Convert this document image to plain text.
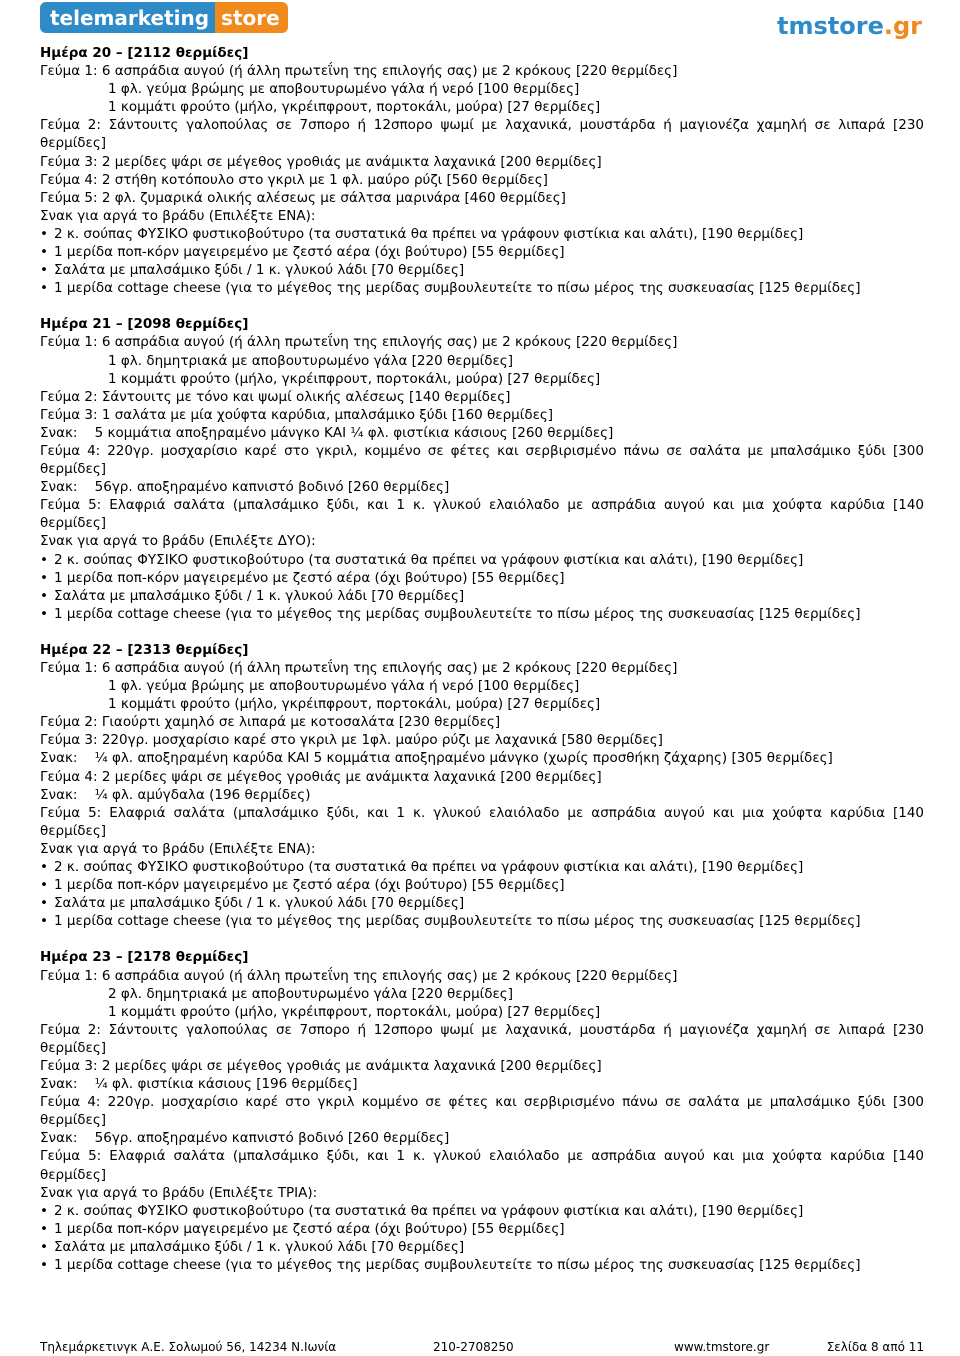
telemarketing store	tmstore.gr
Ημέρα 20 – [2112 θερμίδες]
Γεύμα 1: 6 ασπράδια αυγού (ή άλλη πρωτεΐνη της επιλογής σας) με 2 κρόκους [220 θερμίδες]
1 φλ. γεύμα βρώμης με αποβουτυρωμένο γάλα ή νερό [100 θερμίδες]
1 κομμάτι φρούτο (μήλο, γκρέιπφρουτ, πορτοκάλι, μούρα) [27 θερμίδες]
Γεύμα 2: Σάντουιτς γαλοπούλας σε 7σπορο ή 12σπορο ψωμί με λαχανικά, μουστάρδα ή μαγιονέζα χαμηλή σε λιπαρά [230 θερμίδες]
Γεύμα 3: 2 μερίδες ψάρι σε μέγεθος γροθιάς με ανάμικτα λαχανικά [200 θερμίδες]
Γεύμα 4: 2 στήθη κοτόπουλο στο γκριλ με 1 φλ. μαύρο ρύζι [560 θερμίδες]
Γεύμα 5: 2 φλ. ζυμαρικά ολικής αλέσεως με σάλτσα μαρινάρα [460 θερμίδες]
Σνακ για αργά το βράδυ (Επιλέξτε ΕΝΑ):
• 2 κ. σούπας ΦΥΣΙΚΟ φυστικοβούτυρο (τα συστατικά θα πρέπει να γράφουν φιστίκια και αλάτι), [190 θερμίδες]
• 1 μερίδα ποπ-κόρν μαγειρεμένο με ζεστό αέρα (όχι βούτυρο) [55 θερμίδες]
• Σαλάτα με μπαλσάμικο ξύδι / 1 κ. γλυκού λάδι [70 θερμίδες]
• 1 μερίδα cottage cheese (για το μέγεθος της μερίδας συμβουλευτείτε το πίσω μέρος της συσκευασίας [125 θερμίδες]
Ημέρα 21 – [2098 θερμίδες]
Γεύμα 1: 6 ασπράδια αυγού (ή άλλη πρωτεΐνη της επιλογής σας) με 2 κρόκους [220 θερμίδες]
1 φλ. δημητριακά με αποβουτυρωμένο γάλα [220 θερμίδες]
1 κομμάτι φρούτο (μήλο, γκρέιπφρουτ, πορτοκάλι, μούρα) [27 θερμίδες]
Γεύμα 2: Σάντουιτς με τόνο και ψωμί ολικής αλέσεως [140 θερμίδες]
Γεύμα 3: 1 σαλάτα με μία χούφτα καρύδια, μπαλσάμικο ξύδι [160 θερμίδες]
Σνακ:    5 κομμάτια αποξηραμένο μάνγκο ΚΑΙ ¼ φλ. φιστίκια κάσιους [260 θερμίδες]
Γεύμα 4: 220γρ. μοσχαρίσιο καρέ στο γκριλ, κομμένο σε φέτες και σερβιρισμένο πάνω σε σαλάτα με μπαλσάμικο ξύδι [300 θερμίδες]
Σνακ:    56γρ. αποξηραμένο καπνιστό βοδινό [260 θερμίδες]
Γεύμα 5: Ελαφριά σαλάτα (μπαλσάμικο ξύδι, και 1 κ. γλυκού ελαιόλαδο με ασπράδια αυγού και μια χούφτα καρύδια [140 θερμίδες]
Σνακ για αργά το βράδυ (Επιλέξτε ΔΥΟ):
• 2 κ. σούπας ΦΥΣΙΚΟ φυστικοβούτυρο (τα συστατικά θα πρέπει να γράφουν φιστίκια και αλάτι), [190 θερμίδες]
• 1 μερίδα ποπ-κόρν μαγειρεμένο με ζεστό αέρα (όχι βούτυρο) [55 θερμίδες]
• Σαλάτα με μπαλσάμικο ξύδι / 1 κ. γλυκού λάδι [70 θερμίδες]
• 1 μερίδα cottage cheese (για το μέγεθος της μερίδας συμβουλευτείτε το πίσω μέρος της συσκευασίας [125 θερμίδες]
Ημέρα 22 – [2313 θερμίδες]
Γεύμα 1: 6 ασπράδια αυγού (ή άλλη πρωτεΐνη της επιλογής σας) με 2 κρόκους [220 θερμίδες]
1 φλ. γεύμα βρώμης με αποβουτυρωμένο γάλα ή νερό [100 θερμίδες]
1 κομμάτι φρούτο (μήλο, γκρέιπφρουτ, πορτοκάλι, μούρα) [27 θερμίδες]
Γεύμα 2: Γιαούρτι χαμηλό σε λιπαρά με κοτοσαλάτα [230 θερμίδες]
Γεύμα 3: 220γρ. μοσχαρίσιο καρέ στο γκριλ με 1φλ. μαύρο ρύζι με λαχανικά [580 θερμίδες]
Σνακ:    ¼ φλ. αποξηραμένη καρύδα ΚΑΙ 5 κομμάτια αποξηραμένο μάνγκο (χωρίς προσθήκη ζάχαρης) [305 θερμίδες]
Γεύμα 4: 2 μερίδες ψάρι σε μέγεθος γροθιάς με ανάμικτα λαχανικά [200 θερμίδες]
Σνακ:    ¼ φλ. αμύγδαλα (196 θερμίδες)
Γεύμα 5: Ελαφριά σαλάτα (μπαλσάμικο ξύδι, και 1 κ. γλυκού ελαιόλαδο με ασπράδια αυγού και μια χούφτα καρύδια [140 θερμίδες]
Σνακ για αργά το βράδυ (Επιλέξτε ΕΝΑ):
• 2 κ. σούπας ΦΥΣΙΚΟ φυστικοβούτυρο (τα συστατικά θα πρέπει να γράφουν φιστίκια και αλάτι), [190 θερμίδες]
• 1 μερίδα ποπ-κόρν μαγειρεμένο με ζεστό αέρα (όχι βούτυρο) [55 θερμίδες]
• Σαλάτα με μπαλσάμικο ξύδι / 1 κ. γλυκού λάδι [70 θερμίδες]
• 1 μερίδα cottage cheese (για το μέγεθος της μερίδας συμβουλευτείτε το πίσω μέρος της συσκευασίας [125 θερμίδες]
Ημέρα 23 – [2178 θερμίδες]
Γεύμα 1: 6 ασπράδια αυγού (ή άλλη πρωτεΐνη της επιλογής σας) με 2 κρόκους [220 θερμίδες]
2 φλ. δημητριακά με αποβουτυρωμένο γάλα [220 θερμίδες]
1 κομμάτι φρούτο (μήλο, γκρέιπφρουτ, πορτοκάλι, μούρα) [27 θερμίδες]
Γεύμα 2: Σάντουιτς γαλοπούλας σε 7σπορο ή 12σπορο ψωμί με λαχανικά, μουστάρδα ή μαγιονέζα χαμηλή σε λιπαρά [230 θερμίδες]
Γεύμα 3: 2 μερίδες ψάρι σε μέγεθος γροθιάς με ανάμικτα λαχανικά [200 θερμίδες]
Σνακ:    ¼ φλ. φιστίκια κάσιους [196 θερμίδες]
Γεύμα 4: 220γρ. μοσχαρίσιο καρέ στο γκριλ κομμένο σε φέτες και σερβιρισμένο πάνω σε σαλάτα με μπαλσάμικο ξύδι [300 θερμίδες]
Σνακ:    56γρ. αποξηραμένο καπνιστό βοδινό [260 θερμίδες]
Γεύμα 5: Ελαφριά σαλάτα (μπαλσάμικο ξύδι, και 1 κ. γλυκού ελαιόλαδο με ασπράδια αυγού και μια χούφτα καρύδια [140 θερμίδες]
Σνακ για αργά το βράδυ (Επιλέξτε ΤΡΙΑ):
• 2 κ. σούπας ΦΥΣΙΚΟ φυστικοβούτυρο (τα συστατικά θα πρέπει να γράφουν φιστίκια και αλάτι), [190 θερμίδες]
• 1 μερίδα ποπ-κόρν μαγειρεμένο με ζεστό αέρα (όχι βούτυρο) [55 θερμίδες]
• Σαλάτα με μπαλσάμικο ξύδι / 1 κ. γλυκού λάδι [70 θερμίδες]
• 1 μερίδα cottage cheese (για το μέγεθος της μερίδας συμβουλευτείτε το πίσω μέρος της συσκευασίας [125 θερμίδες]
Τηλεμάρκετινγκ Α.Ε. Σολωμού 56, 14234 Ν.Ιωνία	210-2708250	www.tmstore.gr	Σελίδα 8 από 11
